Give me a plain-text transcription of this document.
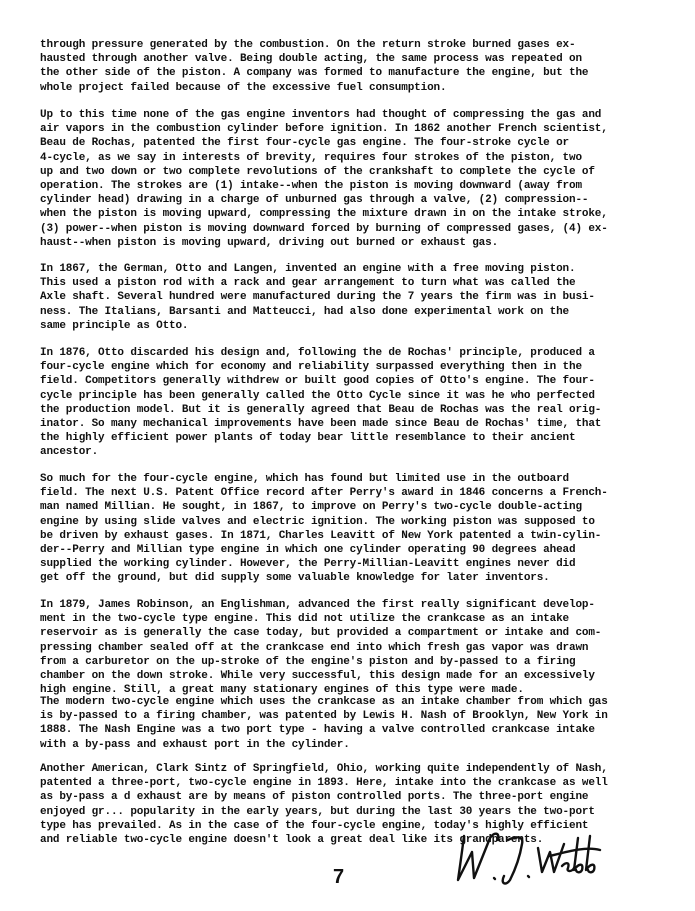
through pressure generated by the combustion. On the return stroke burned gases ex-
hausted through another valve. Being double acting, the same process was repeated on
the other side of the piston. A company was formed to manufacture the engine, but the
whole project failed because of the excessive fuel consumption.
Up to this time none of the gas engine inventors had thought of compressing the gas and
air vapors in the combustion cylinder before ignition. In 1862 another French scientist,
Beau de Rochas, patented the first four-cycle gas engine. The four-stroke cycle or
4-cycle, as we say in interests of brevity, requires four strokes of the piston, two
up and two down or two complete revolutions of the crankshaft to complete the cycle of
operation. The strokes are (1) intake--when the piston is moving downward (away from
cylinder head) drawing in a charge of unburned gas through a valve, (2) compression--
when the piston is moving upward, compressing the mixture drawn in on the intake stroke,
(3) power--when piston is moving downward forced by burning of compressed gases, (4) ex-
haust--when piston is moving upward, driving out burned or exhaust gas.
In 1867, the German, Otto and Langen, invented an engine with a free moving piston.
This used a piston rod with a rack and gear arrangement to turn what was called the
Axle shaft. Several hundred were manufactured during the 7 years the firm was in busi-
ness. The Italians, Barsanti and Matteucci, had also done experimental work on the
same principle as Otto.
In 1876, Otto discarded his design and, following the de Rochas' principle, produced a
four-cycle engine which for economy and reliability surpassed everything then in the
field. Competitors generally withdrew or built good copies of Otto's engine. The four-
cycle principle has been generally called the Otto Cycle since it was he who perfected
the production model. But it is generally agreed that Beau de Rochas was the real orig-
inator. So many mechanical improvements have been made since Beau de Rochas' time, that
the highly efficient power plants of today bear little resemblance to their ancient
ancestor.
So much for the four-cycle engine, which has found but limited use in the outboard
field. The next U.S. Patent Office record after Perry's award in 1846 concerns a French-
man named Millian. He sought, in 1867, to improve on Perry's two-cycle double-acting
engine by using slide valves and electric ignition. The working piston was supposed to
be driven by exhaust gases. In 1871, Charles Leavitt of New York patented a twin-cylin-
der--Perry and Millian type engine in which one cylinder operating 90 degrees ahead
supplied the working cylinder. However, the Perry-Millian-Leavitt engines never did
get off the ground, but did supply some valuable knowledge for later inventors.
In 1879, James Robinson, an Englishman, advanced the first really significant develop-
ment in the two-cycle type engine. This did not utilize the crankcase as an intake
reservoir as is generally the case today, but provided a compartment or intake and com-
pressing chamber sealed off at the crankcase end into which fresh gas vapor was drawn
from a carburetor on the up-stroke of the engine's piston and by-passed to a firing
chamber on the down stroke. While very successful, this design made for an excessively
high engine. Still, a great many stationary engines of this type were made.
The modern two-cycle engine which uses the crankcase as an intake chamber from which gas
is by-passed to a firing chamber, was patented by Lewis H. Nash of Brooklyn, New York in
1888. The Nash Engine was a two port type - having a valve controlled crankcase intake
with a by-pass and exhaust port in the cylinder.
Another American, Clark Sintz of Springfield, Ohio, working quite independently of Nash,
patented a three-port, two-cycle engine in 1893. Here, intake into the crankcase as well
as by-pass a d exhaust are by means of piston controlled ports. The three-port engine
enjoyed gr... popularity in the early years, but during the last 30 years the two-port
type has prevailed. As in the case of the four-cycle engine, today's highly efficient
and reliable two-cycle engine doesn't look a great deal like its grandparents.
7
